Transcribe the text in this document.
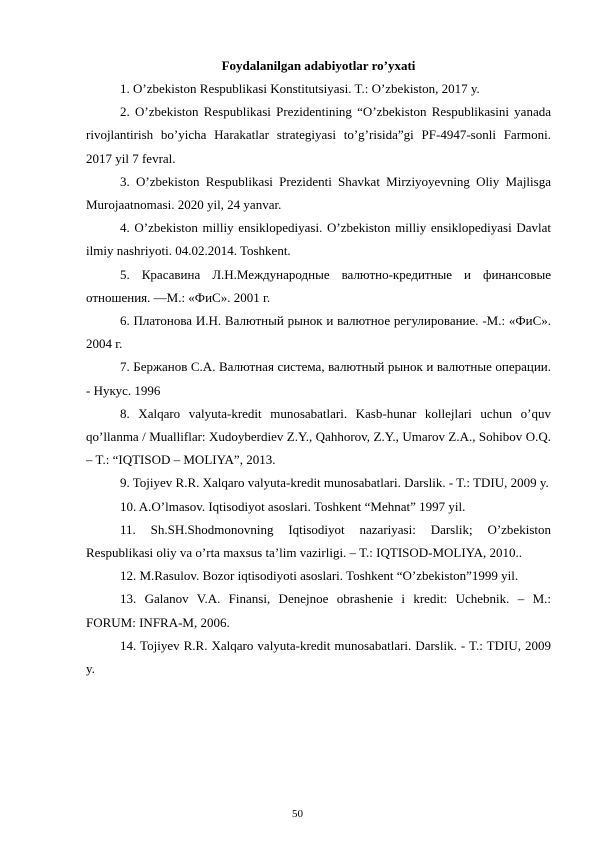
Foydalanilgan adabiyotlar ro’yxati

1. O’zbekiston Respublikasi Konstitutsiyasi. T.: O’zbekiston, 2017 y.

2. O’zbekiston Respublikasi Prezidentining “O’zbekiston Respublikasini yanada rivojlantirish bo’yicha Harakatlar strategiyasi to’g’risida”gi PF-4947-sonli Farmoni. 2017 yil 7 fevral.

3. O’zbekiston Respublikasi Prezidenti Shavkat Mirziyoyevning Oliy Majlisga Murojaatnomasi. 2020 yil, 24 yanvar.

4. O’zbekiston milliy ensiklopediyasi. O’zbekiston milliy ensiklopediyasi Davlat ilmiy nashriyoti. 04.02.2014. Toshkent.

5. Красавина Л.Н.Международные валютно-кредитные и финансовые отношения. —М.: «ФиС». 2001 г.

6. Платонова И.Н. Валютный рынок и валютное регулирование. -М.: «ФиС». 2004 г.

7. Бержанов С.А. Валютная система, валютный рынок и валютные операции. - Нукус. 1996

8. Xalqaro valyuta-kredit munosabatlari. Kasb-hunar kollejlari uchun o’quv qo’llanma / Mualliflar: Xudoyberdiev Z.Y., Qahhorov, Z.Y., Umarov Z.A., Sohibov O.Q. – T.: “IQTISOD – MOLIYA”, 2013.

9. Tojiyev R.R. Xalqaro valyuta-kredit munosabatlari. Darslik. - T.: TDIU, 2009 y.

10. A.O’lmasov. Iqtisodiyot asoslari. Toshkent “Mehnat” 1997 yil.

11. Sh.SH.Shodmonovning Iqtisodiyot nazariyasi: Darslik; O’zbekiston Respublikasi oliy va o’rta maxsus ta’lim vazirligi. – T.: IQTISOD-MOLIYA, 2010..

12. M.Rasulov. Bozor iqtisodiyoti asoslari. Toshkent “O’zbekiston”1999 yil.

13. Galanov V.A. Finansi, Denejnoe obrashenie i kredit: Uchebnik. – M.: FORUM: INFRA-M, 2006.

14. Tojiyev R.R. Xalqaro valyuta-kredit munosabatlari. Darslik. - T.: TDIU, 2009 y.

50
